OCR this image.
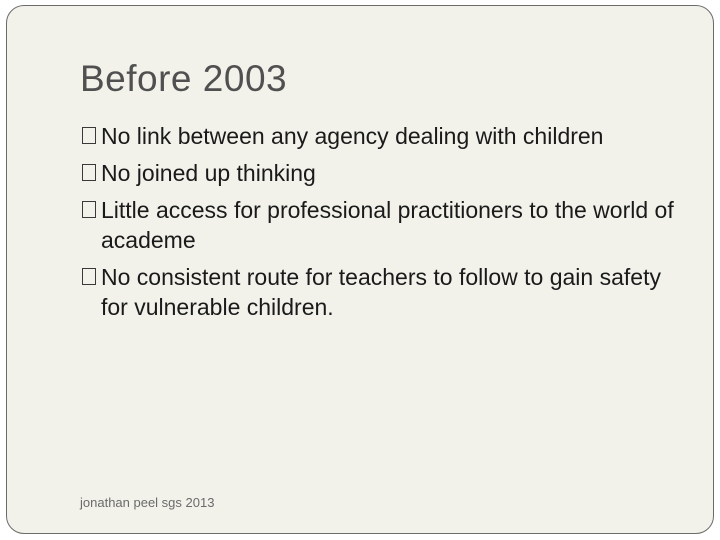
Before 2003
No link between any agency dealing with children
No joined up thinking
Little access for professional practitioners to the world of academe
No consistent route for teachers to follow to gain safety for vulnerable children.
jonathan peel sgs 2013
